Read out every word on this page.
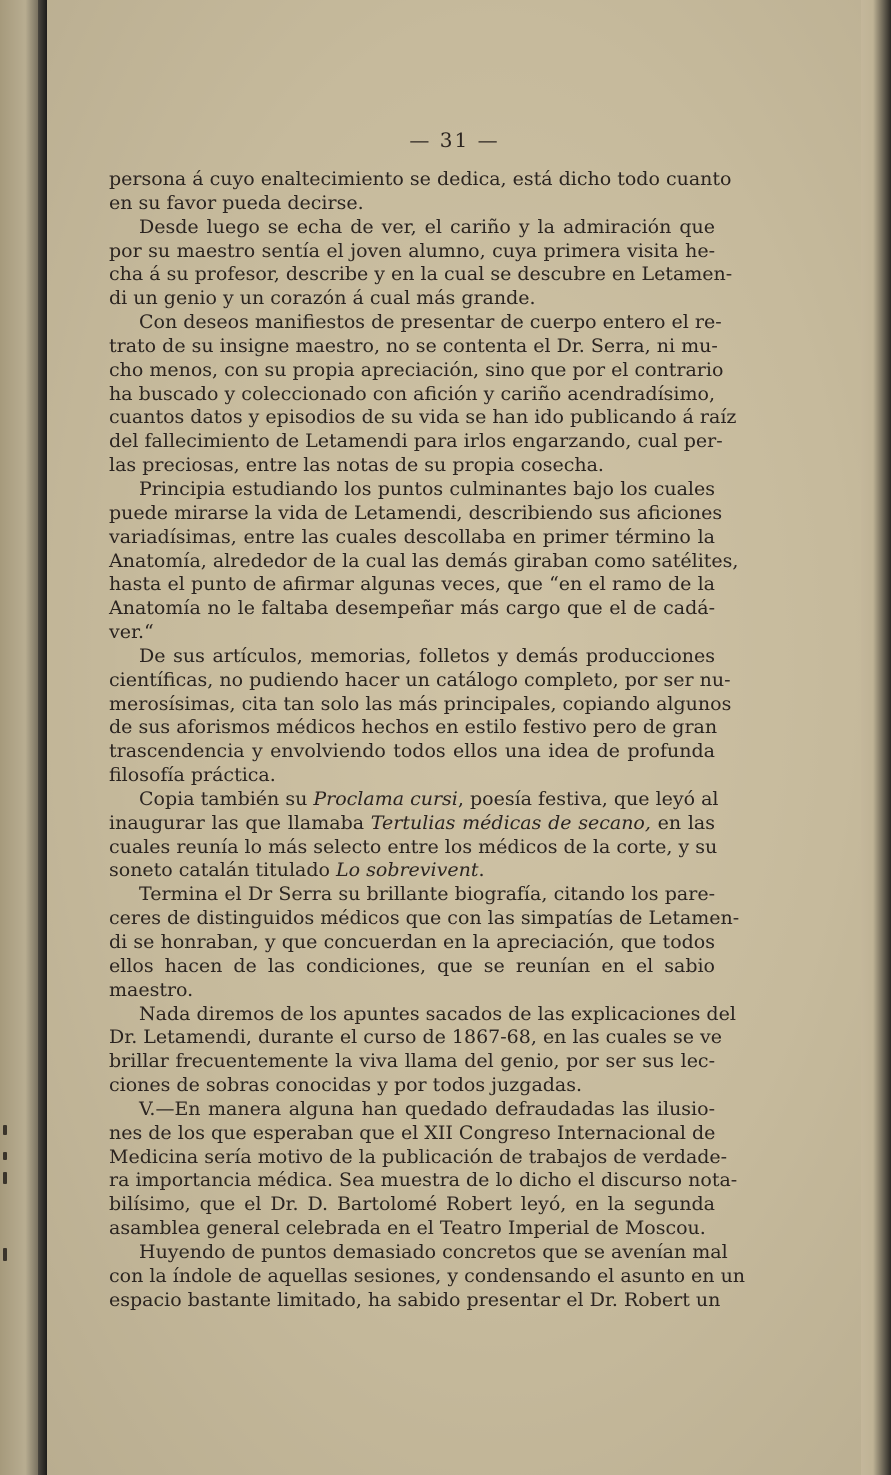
— 31 —
persona á cuyo enaltecimiento se dedica, está dicho todo cuanto
en su favor pueda decirse.
Desde luego se echa de ver, el cariño y la admiración que
por su maestro sentía el joven alumno, cuya primera visita he-
cha á su profesor, describe y en la cual se descubre en Letamen-
di un genio y un corazón á cual más grande.
Con deseos manifiestos de presentar de cuerpo entero el re-
trato de su insigne maestro, no se contenta el Dr. Serra, ni mu-
cho menos, con su propia apreciación, sino que por el contrario
ha buscado y coleccionado con afición y cariño acendradísimo,
cuantos datos y episodios de su vida se han ido publicando á raíz
del fallecimiento de Letamendi para irlos engarzando, cual per-
las preciosas, entre las notas de su propia cosecha.
Principia estudiando los puntos culminantes bajo los cuales
puede mirarse la vida de Letamendi, describiendo sus aficiones
variadísimas, entre las cuales descollaba en primer término la
Anatomía, alrededor de la cual las demás giraban como satélites,
hasta el punto de afirmar algunas veces, que “en el ramo de la
Anatomía no le faltaba desempeñar más cargo que el de cadá-
ver.“
De sus artículos, memorias, folletos y demás producciones
científicas, no pudiendo hacer un catálogo completo, por ser nu-
merosísimas, cita tan solo las más principales, copiando algunos
de sus aforismos médicos hechos en estilo festivo pero de gran
trascendencia y envolviendo todos ellos una idea de profunda
filosofía práctica.
Copia también su Proclama cursi, poesía festiva, que leyó al
inaugurar las que llamaba Tertulias médicas de secano, en las
cuales reunía lo más selecto entre los médicos de la corte, y su
soneto catalán titulado Lo sobrevivent.
Termina el Dr Serra su brillante biografía, citando los pare-
ceres de distinguidos médicos que con las simpatías de Letamen-
di se honraban, y que concuerdan en la apreciación, que todos
ellos hacen de las condiciones, que se reunían en el sabio
maestro.
Nada diremos de los apuntes sacados de las explicaciones del
Dr. Letamendi, durante el curso de 1867-68, en las cuales se ve
brillar frecuentemente la viva llama del genio, por ser sus lec-
ciones de sobras conocidas y por todos juzgadas.
V.—En manera alguna han quedado defraudadas las ilusio-
nes de los que esperaban que el XII Congreso Internacional de
Medicina sería motivo de la publicación de trabajos de verdade-
ra importancia médica. Sea muestra de lo dicho el discurso nota-
bilísimo, que el Dr. D. Bartolomé Robert leyó, en la segunda
asamblea general celebrada en el Teatro Imperial de Moscou.
Huyendo de puntos demasiado concretos que se avenían mal
con la índole de aquellas sesiones, y condensando el asunto en un
espacio bastante limitado, ha sabido presentar el Dr. Robert un
